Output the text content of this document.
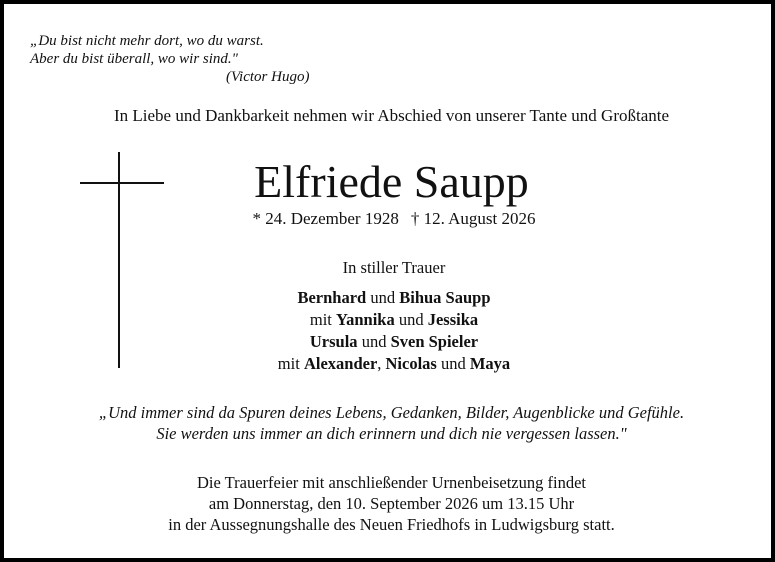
„Du bist nicht mehr dort, wo du warst.
Aber du bist überall, wo wir sind."
(Victor Hugo)
In Liebe und Dankbarkeit nehmen wir Abschied von unserer Tante und Großtante
Elfriede Saupp
* 24. Dezember 1928 † 12. August 2026
In stiller Trauer
Bernhard und Bihua Saupp
mit Yannika und Jessika
Ursula und Sven Spieler
mit Alexander, Nicolas und Maya
„Und immer sind da Spuren deines Lebens, Gedanken, Bilder, Augenblicke und Gefühle.
Sie werden uns immer an dich erinnern und dich nie vergessen lassen."
Die Trauerfeier mit anschließender Urnenbeisetzung findet
am Donnerstag, den 10. September 2026 um 13.15 Uhr
in der Aussegnungshalle des Neuen Friedhofs in Ludwigsburg statt.
